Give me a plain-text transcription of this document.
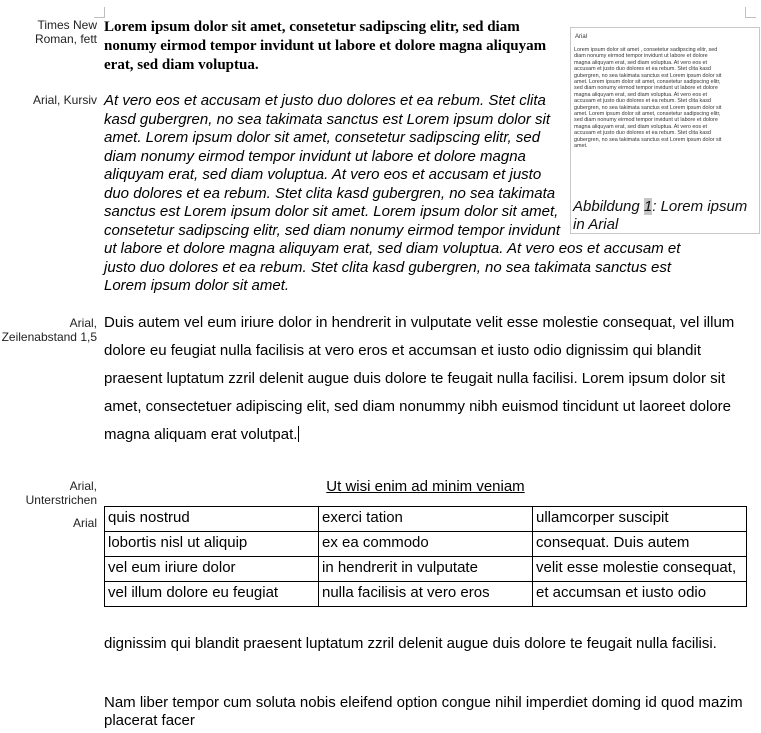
Times New Roman, fett
Arial, Kursiv
Arial, Zeilenabstand 1,5
Arial, Unterstrichen
Arial
Lorem ipsum dolor sit amet, consetetur sadipscing elitr, sed diam nonumy eirmod tempor invidunt ut labore et dolore magna aliquyam erat, sed diam voluptua.
At vero eos et accusam et justo duo dolores et ea rebum. Stet clita kasd gubergren, no sea takimata sanctus est Lorem ipsum dolor sit amet. Lorem ipsum dolor sit amet, consetetur sadipscing elitr, sed diam nonumy eirmod tempor invidunt ut labore et dolore magna aliquyam erat, sed diam voluptua. At vero eos et accusam et justo duo dolores et ea rebum. Stet clita kasd gubergren, no sea takimata sanctus est Lorem ipsum dolor sit amet. Lorem ipsum dolor sit amet, consetetur sadipscing elitr, sed diam nonumy eirmod tempor invidunt ut labore et dolore magna aliquyam erat, sed diam voluptua. At vero eos et accusam et justo duo dolores et ea rebum. Stet clita kasd gubergren, no sea takimata sanctus est Lorem ipsum dolor sit amet.
Arial
Lorem ipsum dolor sit amet , consetetur sadipscing elitr, sed diam nonumy eirmod tempor invidunt ut labore et dolore magna aliquyam erat, sed diam voluptua. At vero eos et accusam et justo duo dolores et ea rebum. Stet clita kasd gubergren, no sea takimata sanctus est Lorem ipsum dolor sit amet. Lorem ipsum dolor sit amet, consetetur sadipscing elitr, sed diam nonumy eirmod tempor invidunt ut labore et dolore magna aliquyam erat, sed diam voluptua. At vero eos et accusam et justo duo dolores et ea rebum. Stet clita kasd gubergren, no sea takimata sanctus est Lorem ipsum dolor sit amet. Lorem ipsum dolor sit amet, consetetur sadipscing elitr, sed diam nonumy eirmod tempor invidunt ut labore et dolore magna aliquyam erat, sed diam voluptua. At vero eos et accusam et justo duo dolores et ea rebum. Stet clita kasd gubergren, no sea takimata sanctus est Lorem ipsum dolor sit amet.
Abbildung 1: Lorem ipsum in Arial
Duis autem vel eum iriure dolor in hendrerit in vulputate velit esse molestie consequat, vel illum dolore eu feugiat nulla facilisis at vero eros et accumsan et iusto odio dignissim qui blandit praesent luptatum zzril delenit augue duis dolore te feugait nulla facilisi. Lorem ipsum dolor sit amet, consectetuer adipiscing elit, sed diam nonummy nibh euismod tincidunt ut laoreet dolore magna aliquam erat volutpat.
Ut wisi enim ad minim veniam
quis nostrud	exerci tation	ullamcorper suscipit
lobortis nisl ut aliquip	ex ea commodo	consequat. Duis autem
vel eum iriure dolor	in hendrerit in vulputate	velit esse molestie consequat,
vel illum dolore eu feugiat	nulla facilisis at vero eros	et accumsan et iusto odio
dignissim qui blandit praesent luptatum zzril delenit augue duis dolore te feugait nulla facilisi.
Nam liber tempor cum soluta nobis eleifend option congue nihil imperdiet doming id quod mazim placerat facer
